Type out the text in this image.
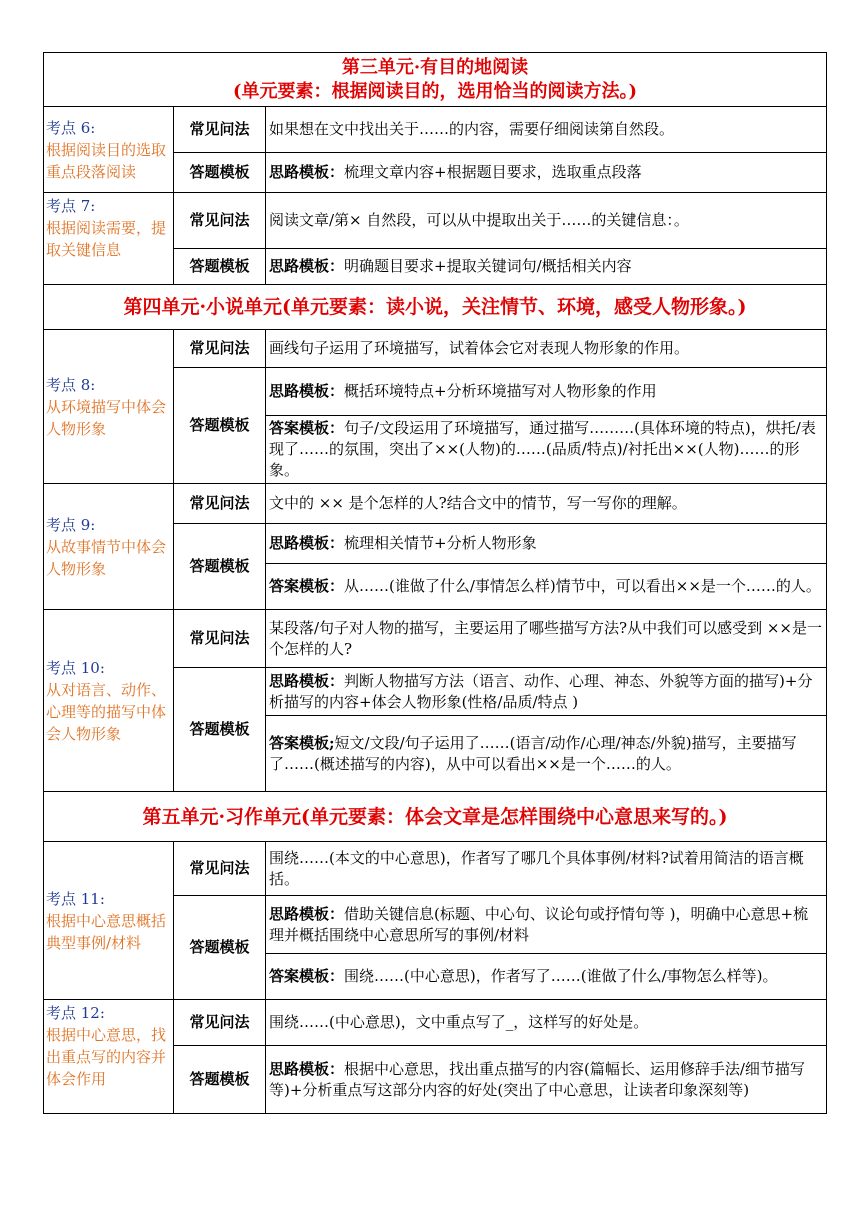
第三单元·有目的地阅读
(单元要素：根据阅读目的，选用恰当的阅读方法。)		

考点 6:
根据阅读目的选取重点段落阅读	常见问法	如果想在文中找出关于……的内容，需要仔细阅读第自然段。
	答题模板	思路模板：梳理文章内容+根据题目要求，选取重点段落

考点 7:
根据阅读需要，提取关键信息	常见问法	阅读文章/第× 自然段，可以从中提取出关于……的关键信息：。
	答题模板	思路模板：明确题目要求+提取关键词句/概括相关内容
第四单元·小说单元(单元要素：读小说，关注情节、环境，感受人物形象。)		

考点 8:
从环境描写中体会人物形象	常见问法	画线句子运用了环境描写，试着体会它对表现人物形象的作用。
	答题模板	思路模板：概括环境特点+分析环境描写对人物形象的作用
		答案模板：句子/文段运用了环境描写，通过描写………(具体环境的特点)，烘托/表现了……的氛围，突出了××(人物)的……(品质/特点)/衬托出××(人物)……的形象。

考点 9:
从故事情节中体会人物形象	常见问法	文中的 ×× 是个怎样的人?结合文中的情节，写一写你的理解。
	答题模板	思路模板：梳理相关情节+分析人物形象
		答案模板：从……(谁做了什么/事情怎么样)情节中，可以看出××是一个……的人。

考点 10:
从对语言、动作、心理等的描写中体会人物形象	常见问法	某段落/句子对人物的描写，主要运用了哪些描写方法?从中我们可以感受到 ××是一个怎样的人?
	答题模板	思路模板：判断人物描写方法（语言、动作、心理、神态、外貌等方面的描写)+分析描写的内容+体会人物形象(性格/品质/特点 )
		答案模板;短文/文段/句子运用了……(语言/动作/心理/神态/外貌)描写，主要描写了……(概述描写的内容)，从中可以看出××是一个……的人。
第五单元·习作单元(单元要素：体会文章是怎样围绕中心意思来写的。)		

考点 11:
根据中心意思概括典型事例/材料	常见问法	围绕……(本文的中心意思)，作者写了哪几个具体事例/材料?试着用简洁的语言概括。
	答题模板	思路模板：借助关键信息(标题、中心句、议论句或抒情句等 )，明确中心意思+梳理并概括围绕中心意思所写的事例/材料
		答案模板：围绕……(中心意思)，作者写了……(谁做了什么/事物怎么样等)。

考点 12:
根据中心意思，找出重点写的内容并体会作用	常见问法	围绕……(中心意思)，文中重点写了_，这样写的好处是。
	答题模板	思路模板：根据中心意思，找出重点描写的内容(篇幅长、运用修辞手法/细节描写等)+分析重点写这部分内容的好处(突出了中心意思，让读者印象深刻等)
